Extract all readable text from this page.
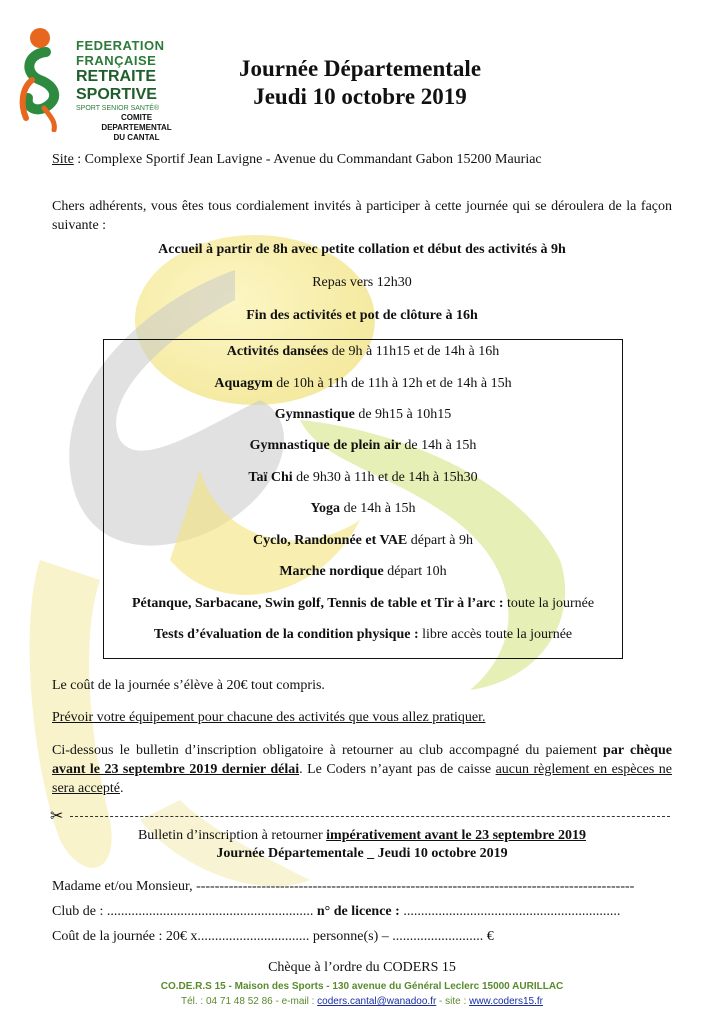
FEDERATION
FRANÇAISE
RETRAITE
SPORTIVE
SPORT SENIOR SANTÉ®
COMITE DEPARTEMENTAL
DU CANTAL
Journée Départementale
Jeudi 10 octobre 2019
Site : Complexe Sportif Jean Lavigne - Avenue du Commandant Gabon 15200 Mauriac
Chers adhérents, vous êtes tous cordialement invités à participer à cette journée qui se déroulera de la façon suivante :
Accueil à partir de 8h avec petite collation et début des activités à 9h
Repas vers 12h30
Fin des activités et pot de clôture à 16h
Activités dansées de 9h à 11h15 et de 14h à 16h
Aquagym de 10h à 11h de 11h à 12h et de 14h à 15h
Gymnastique de 9h15 à 10h15
Gymnastique de plein air de 14h à 15h
Taï Chi de 9h30 à 11h et de 14h à 15h30
Yoga de 14h à 15h
Cyclo, Randonnée et VAE départ à 9h
Marche nordique départ 10h
Pétanque, Sarbacane, Swin golf, Tennis de table et Tir à l’arc : toute la journée
Tests d’évaluation de la condition physique : libre accès toute la journée
Le coût de la journée s’élève à 20€ tout compris.
Prévoir votre équipement pour chacune des activités que vous allez pratiquer.
Ci-dessous le bulletin d’inscription obligatoire à retourner au club accompagné du paiement par chèque avant le 23 septembre 2019 dernier délai. Le Coders n’ayant pas de caisse aucun règlement en espèces ne sera accepté.
✂
Bulletin d’inscription à retourner impérativement avant le 23 septembre 2019
Journée Départementale _ Jeudi 10 octobre 2019
Madame et/ou Monsieur, ----------------------------------------------------------------------------------------------
Club de : ........................................................... n° de licence : ..............................................................
Coût de la journée : 20€ x................................ personne(s) – .......................... €
Chèque à l’ordre du CODERS 15
CO.DE.R.S 15 - Maison des Sports - 130 avenue du Général Leclerc 15000 AURILLAC
Tél. : 04 71 48 52 86 - e-mail : coders.cantal@wanadoo.fr - site : www.coders15.fr
